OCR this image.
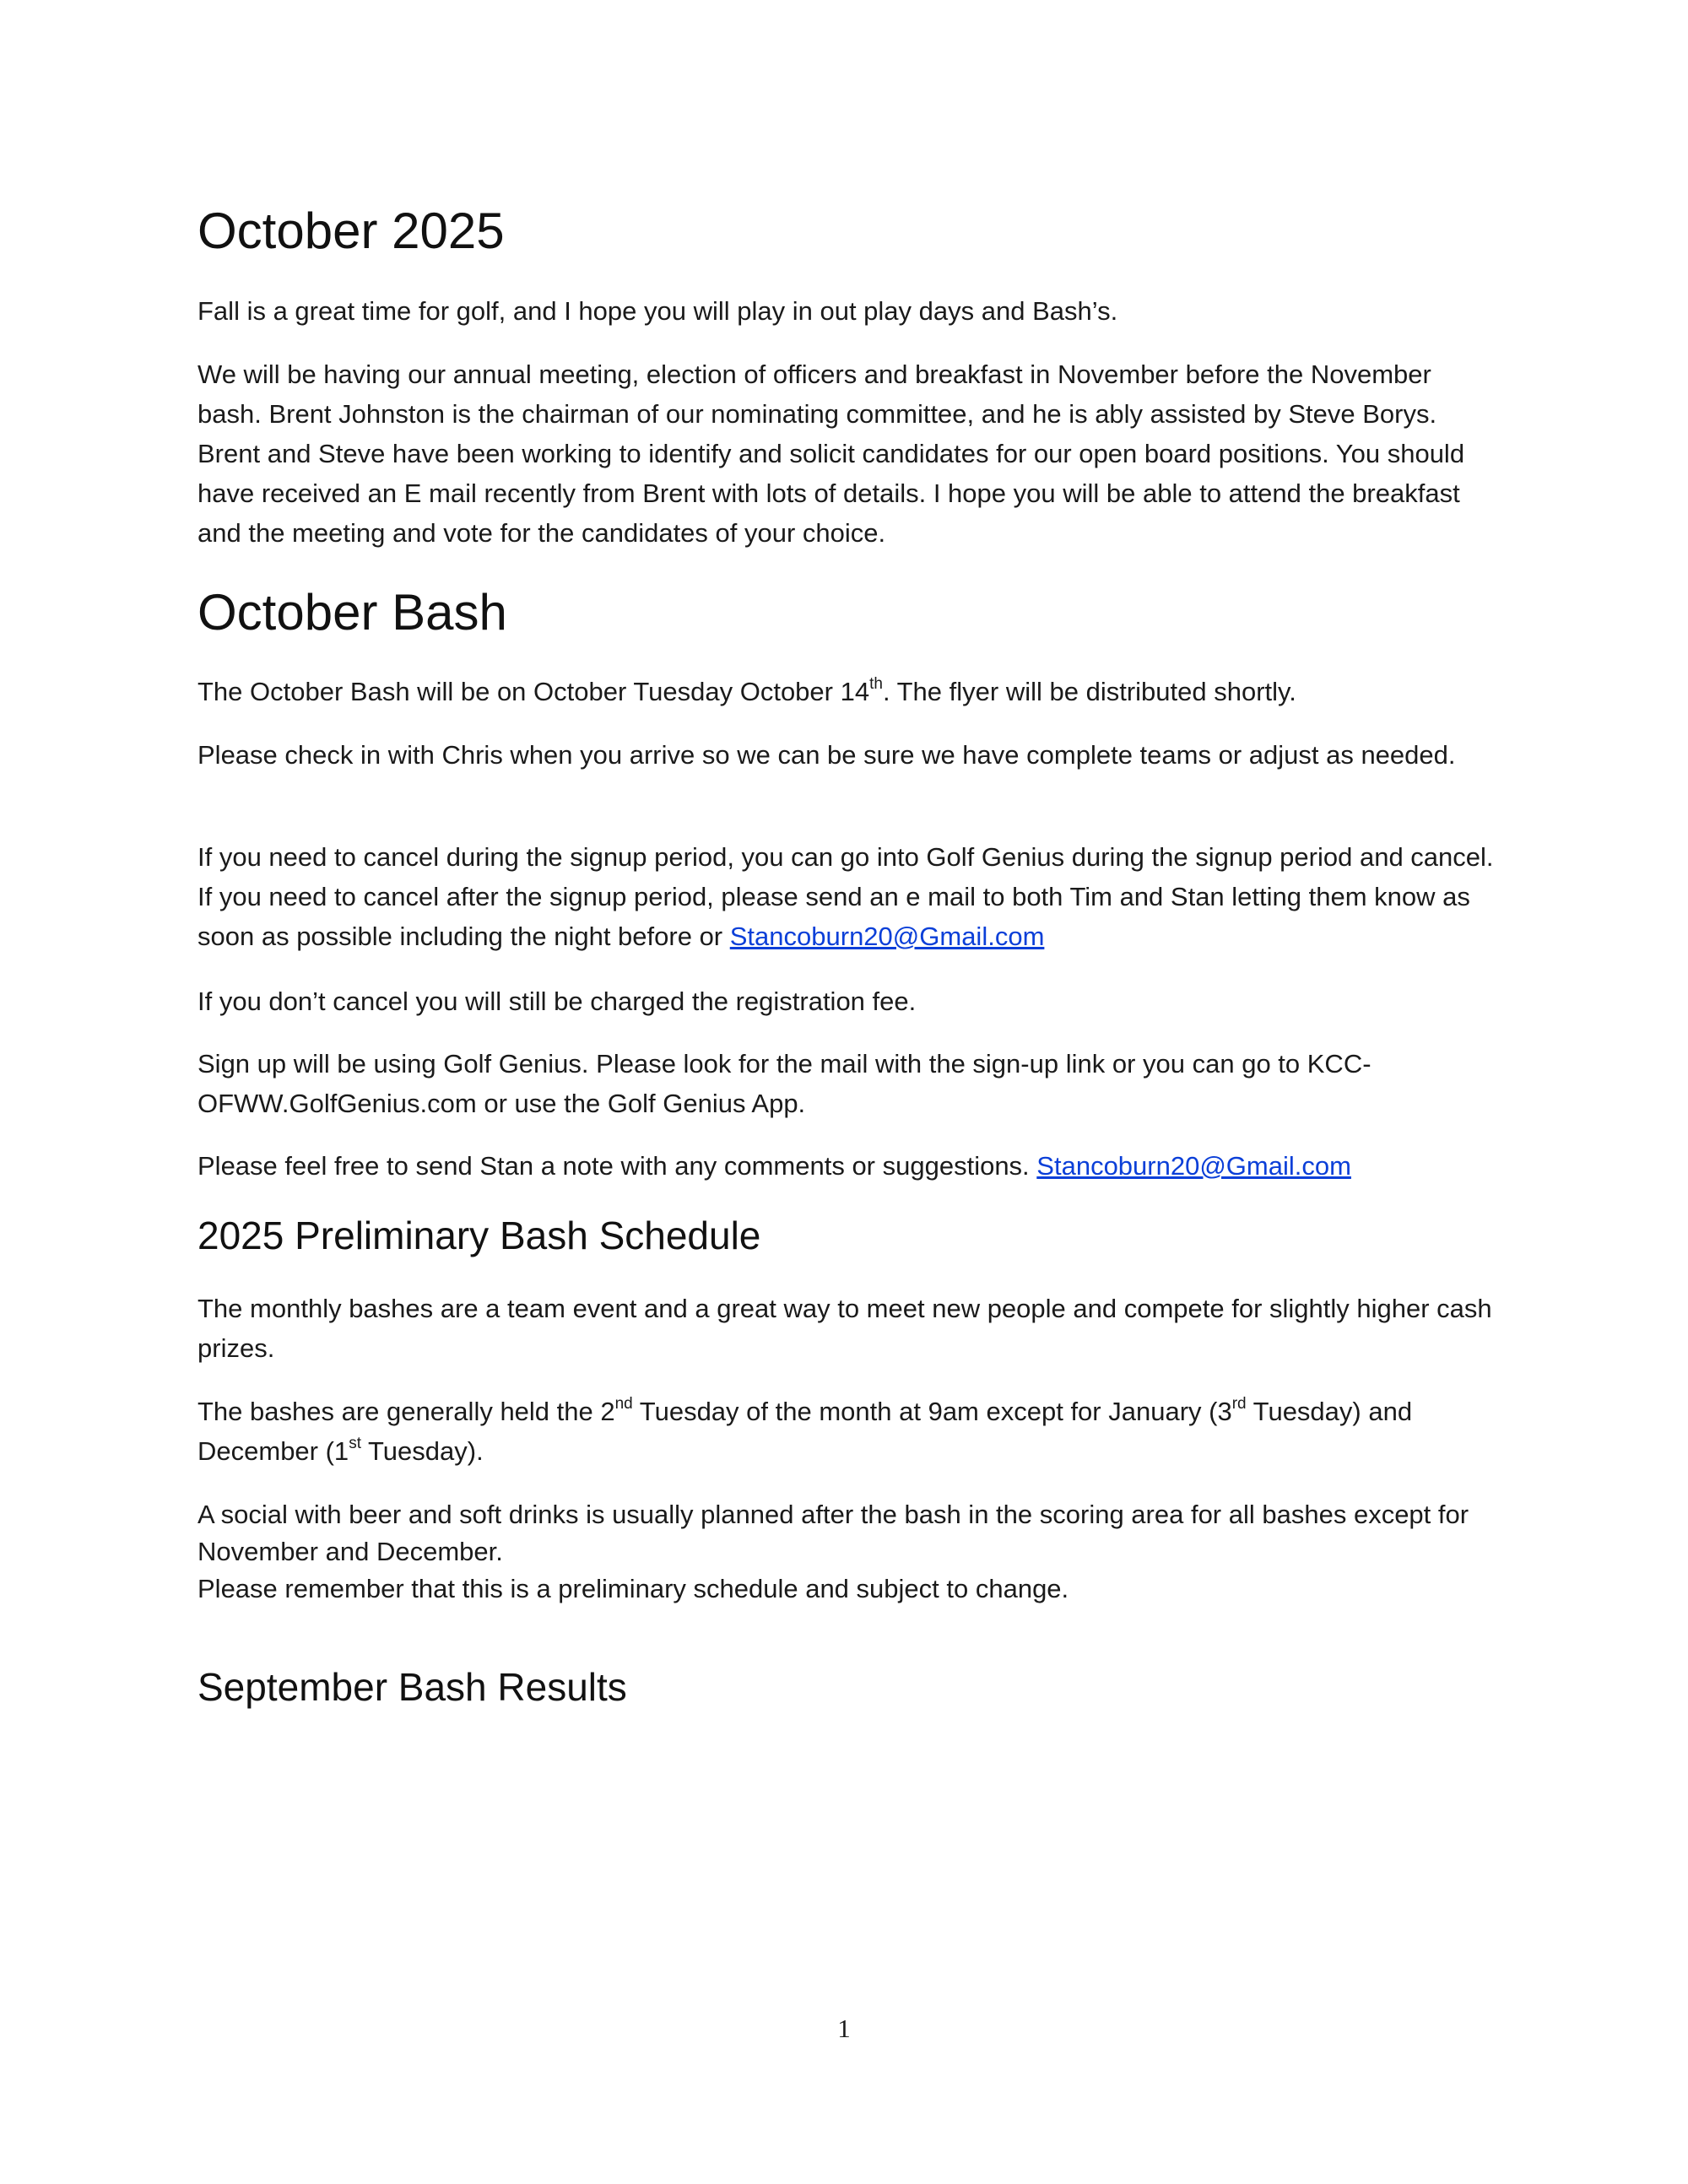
October 2025

Fall is a great time for golf, and I hope you will play in out play days and Bash’s.

We will be having our annual meeting, election of officers and breakfast in November before the November bash. Brent Johnston is the chairman of our nominating committee, and he is ably assisted by Steve Borys. Brent and Steve have been working to identify and solicit candidates for our open board positions. You should have received an E mail recently from Brent with lots of details. I hope you will be able to attend the breakfast and the meeting and vote for the candidates of your choice.

October Bash

The October Bash will be on October Tuesday October 14th. The flyer will be distributed shortly.

Please check in with Chris when you arrive so we can be sure we have complete teams or adjust as needed.

If you need to cancel during the signup period, you can go into Golf Genius during the signup period and cancel. If you need to cancel after the signup period, please send an e mail to both Tim and Stan letting them know as soon as possible including the night before or Stancoburn20@Gmail.com

If you don’t cancel you will still be charged the registration fee.

Sign up will be using Golf Genius. Please look for the mail with the sign-up link or you can go to KCC-OFWW.GolfGenius.com or use the Golf Genius App.

Please feel free to send Stan a note with any comments or suggestions. Stancoburn20@Gmail.com

2025 Preliminary Bash Schedule

The monthly bashes are a team event and a great way to meet new people and compete for slightly higher cash prizes.

The bashes are generally held the 2nd Tuesday of the month at 9am except for January (3rd Tuesday) and December (1st Tuesday).

A social with beer and soft drinks is usually planned after the bash in the scoring area for all bashes except for November and December.
Please remember that this is a preliminary schedule and subject to change.

September Bash Results
1
